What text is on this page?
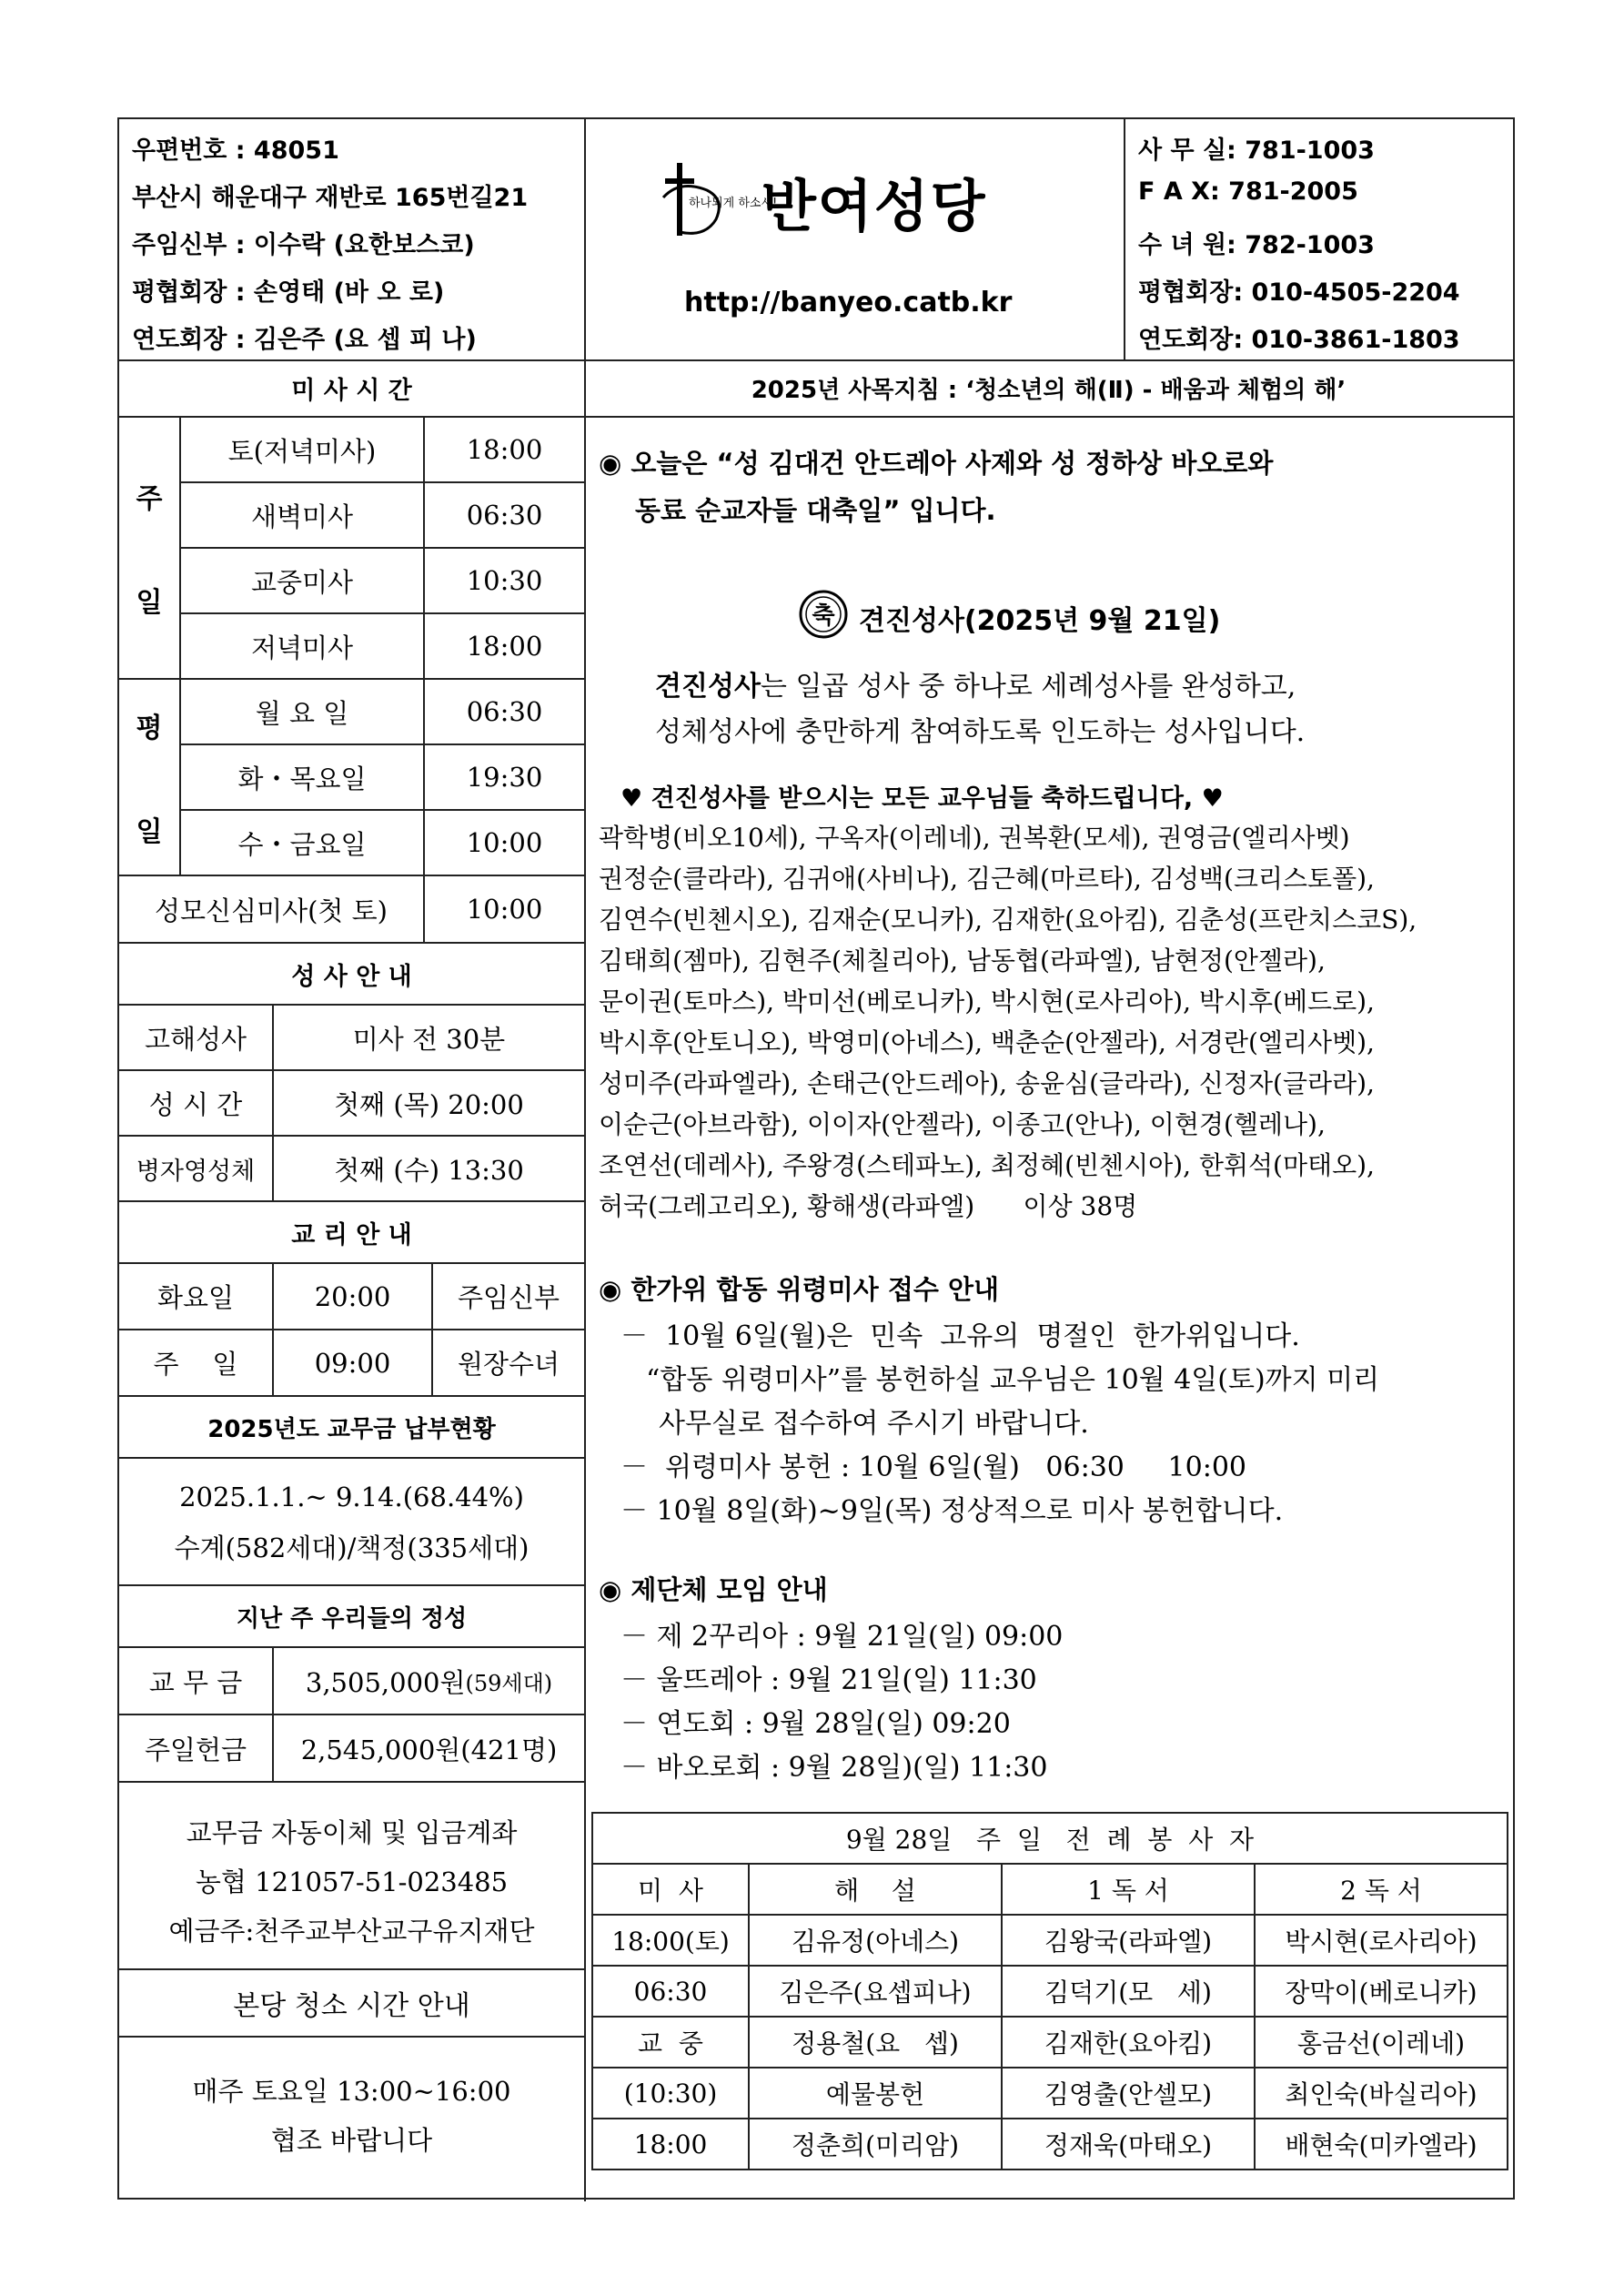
우편번호 : 48051
부산시 해운대구 재반로 165번길21
주임신부 : 이수락 (요한보스코)
평협회장 : 손영태 (바 오 로)
연도회장 : 김은주 (요 셉 피 나)
하나되게 하소서!
반여성당
http://banyeo.catb.kr
사 무 실: 781-1003
F A X: 781-2005
수 녀 원: 782-1003
평협회장: 010-4505-2204
연도회장: 010-3861-1803
미 사 시 간
주
일
평
일
토(저녁미사)	18:00
새벽미사	06:30
교중미사	10:30
저녁미사	18:00
월 요 일	06:30
화・목요일	19:30
수・금요일	10:00
성모신심미사(첫 토)	10:00
성 사 안 내
고해성사	미사 전 30분
성 시 간	첫째 (목) 20:00
병자영성체	첫째 (수) 13:30
교 리 안 내
화요일	20:00	주임신부
주    일	09:00	원장수녀
2025년도 교무금 납부현황
2025.1.1.~ 9.14.(68.44%)
수계(582세대)/책정(335세대)
지난 주 우리들의 정성
교 무 금	3,505,000원 (59세대)
주일헌금	2,545,000원 (421명)
교무금 자동이체 및 입금계좌
농협 121057-51-023485
예금주:천주교부산교구유지재단
본당 청소 시간 안내
매주 토요일 13:00~16:00
협조 바랍니다
2025년 사목지침 : ‘청소년의 해(Ⅱ) - 배움과 체험의 해’
◉ 오늘은 “성 김대건 안드레아 사제와 성 정하상 바오로와
동료 순교자들 대축일” 입니다.
축 견진성사(2025년 9월 21일)
견진성사는 일곱 성사 중 하나로 세례성사를 완성하고,
성체성사에 충만하게 참여하도록 인도하는 성사입니다.
♥ 견진성사를 받으시는 모든 교우님들 축하드립니다, ♥
곽학병(비오10세), 구옥자(이레네), 권복환(모세), 권영금(엘리사벳)
권정순(클라라), 김귀애(사비나), 김근혜(마르타), 김성백(크리스토폴),
김연수(빈첸시오), 김재순(모니카), 김재한(요아킴), 김춘성(프란치스코S),
김태희(젬마), 김현주(체칠리아), 남동협(라파엘), 남현정(안젤라),
문이권(토마스), 박미선(베로니카), 박시현(로사리아), 박시후(베드로),
박시후(안토니오), 박영미(아네스), 백춘순(안젤라), 서경란(엘리사벳),
성미주(라파엘라), 손태근(안드레아), 송윤심(글라라), 신정자(글라라),
이순근(아브라함), 이이자(안젤라), 이종고(안나), 이현경(헬레나),
조연선(데레사), 주왕경(스테파노), 최정혜(빈첸시아), 한휘석(마태오),
허국(그레고리오), 황해생(라파엘)      이상 38명
◉ 한가위 합동 위령미사 접수 안내
－  10월 6일(월)은  민속  고유의  명절인  한가위입니다.
“합동 위령미사”를 봉헌하실 교우님은 10월 4일(토)까지 미리
사무실로 접수하여 주시기 바랍니다.
－  위령미사 봉헌 : 10월 6일(월)   06:30     10:00
－ 10월 8일(화)~9일(목) 정상적으로 미사 봉헌합니다.
◉ 제단체 모임 안내
－ 제 2꾸리아 : 9월 21일(일) 09:00
－ 울뜨레아 : 9월 21일(일) 11:30
－ 연도회 : 9월 28일(일) 09:20
－ 바오로회 : 9월 28일)(일) 11:30
9월 28일   주  일   전  례  봉  사  자			
미  사	해    설	1 독 서	2 독 서
18:00(토)	김유정(아네스)	김왕국(라파엘)	박시현(로사리아)
06:30	김은주(요셉피나)	김덕기(모   세)	장막이(베로니카)
교  중	정용철(요   셉)	김재한(요아킴)	홍금선(이레네)
(10:30)	예물봉헌	김영출(안셀모)	최인숙(바실리아)
18:00	정춘희(미리암)	정재욱(마태오)	배현숙(미카엘라)
